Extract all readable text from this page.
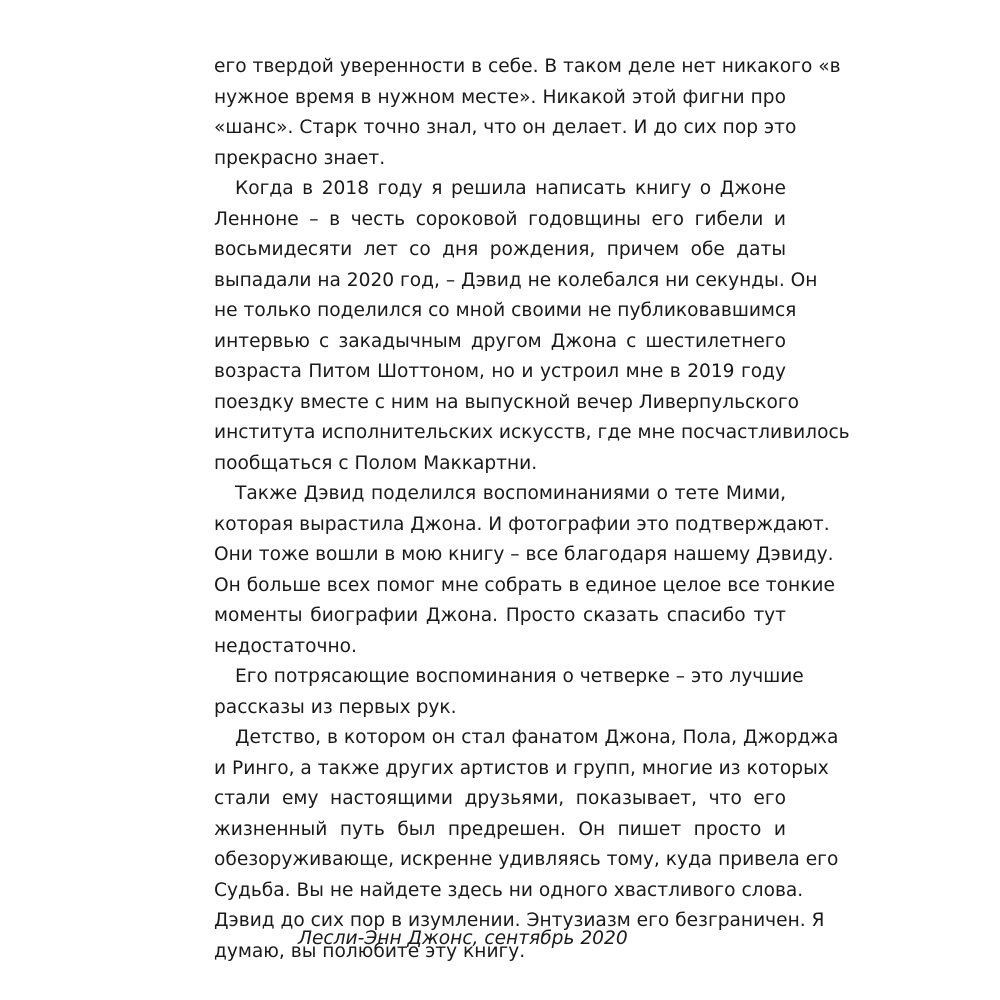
его твердой уверенности в себе. В таком деле нет никакого «в
нужное время в нужном месте». Никакой этой фигни про
«шанс». Старк точно знал, что он делает. И до сих пор это
прекрасно знает.

Когда в 2018 году я решила написать книгу о Джоне
Ленноне – в честь сороковой годовщины его гибели и
восьмидесяти лет со дня рождения, причем обе даты
выпадали на 2020 год, – Дэвид не колебался ни секунды. Он
не только поделился со мной своими не публиковавшимся
интервью с закадычным другом Джона с шестилетнего
возраста Питом Шоттоном, но и устроил мне в 2019 году
поездку вместе с ним на выпускной вечер Ливерпульского
института исполнительских искусств, где мне посчастливилось
пообщаться с Полом Маккартни.

Также Дэвид поделился воспоминаниями о тете Мими,
которая вырастила Джона. И фотографии это подтверждают.
Они тоже вошли в мою книгу – все благодаря нашему Дэвиду.
Он больше всех помог мне собрать в единое целое все тонкие
моменты биографии Джона. Просто сказать спасибо тут
недостаточно.

Его потрясающие воспоминания о четверке – это лучшие
рассказы из первых рук.

Детство, в котором он стал фанатом Джона, Пола, Джорджа
и Ринго, а также других артистов и групп, многие из которых
стали ему настоящими друзьями, показывает, что его
жизненный путь был предрешен. Он пишет просто и
обезоруживающе, искренне удивляясь тому, куда привела его
Судьба. Вы не найдете здесь ни одного хвастливого слова.
Дэвид до сих пор в изумлении. Энтузиазм его безграничен. Я
думаю, вы полюбите эту книгу.

Лесли-Энн Джонс, сентябрь 2020
